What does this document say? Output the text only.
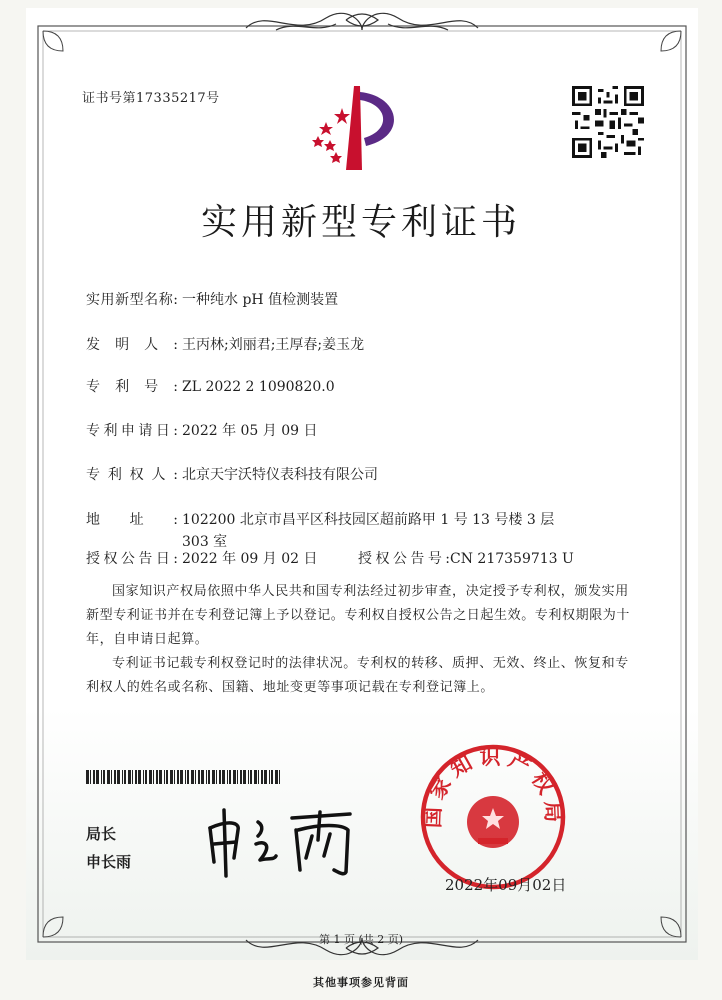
证书号第17335217号
实用新型专利证书
实用新型名称: 一种纯水 pH 值检测装置
发明人: 王丙林;刘丽君;王厚春;姜玉龙
专利号: ZL 2022 2 1090820.0
专利申请日: 2022 年 05 月 09 日
专利权人: 北京天宇沃特仪表科技有限公司
地址: 102200 北京市昌平区科技园区超前路甲 1 号 13 号楼 3 层 303 室
授权公告日: 2022 年 09 月 02 日	授权公告号:CN 217359713 U
国家知识产权局依照中华人民共和国专利法经过初步审查，决定授予专利权，颁发实用新型专利证书并在专利登记簿上予以登记。专利权自授权公告之日起生效。专利权期限为十年，自申请日起算。
专利证书记载专利权登记时的法律状况。专利权的转移、质押、无效、终止、恢复和专利权人的姓名或名称、国籍、地址变更等事项记载在专利登记簿上。
局长
申长雨
国家知识产权局
2022年09月02日
第 1 页 (共 2 页)
其他事项参见背面
